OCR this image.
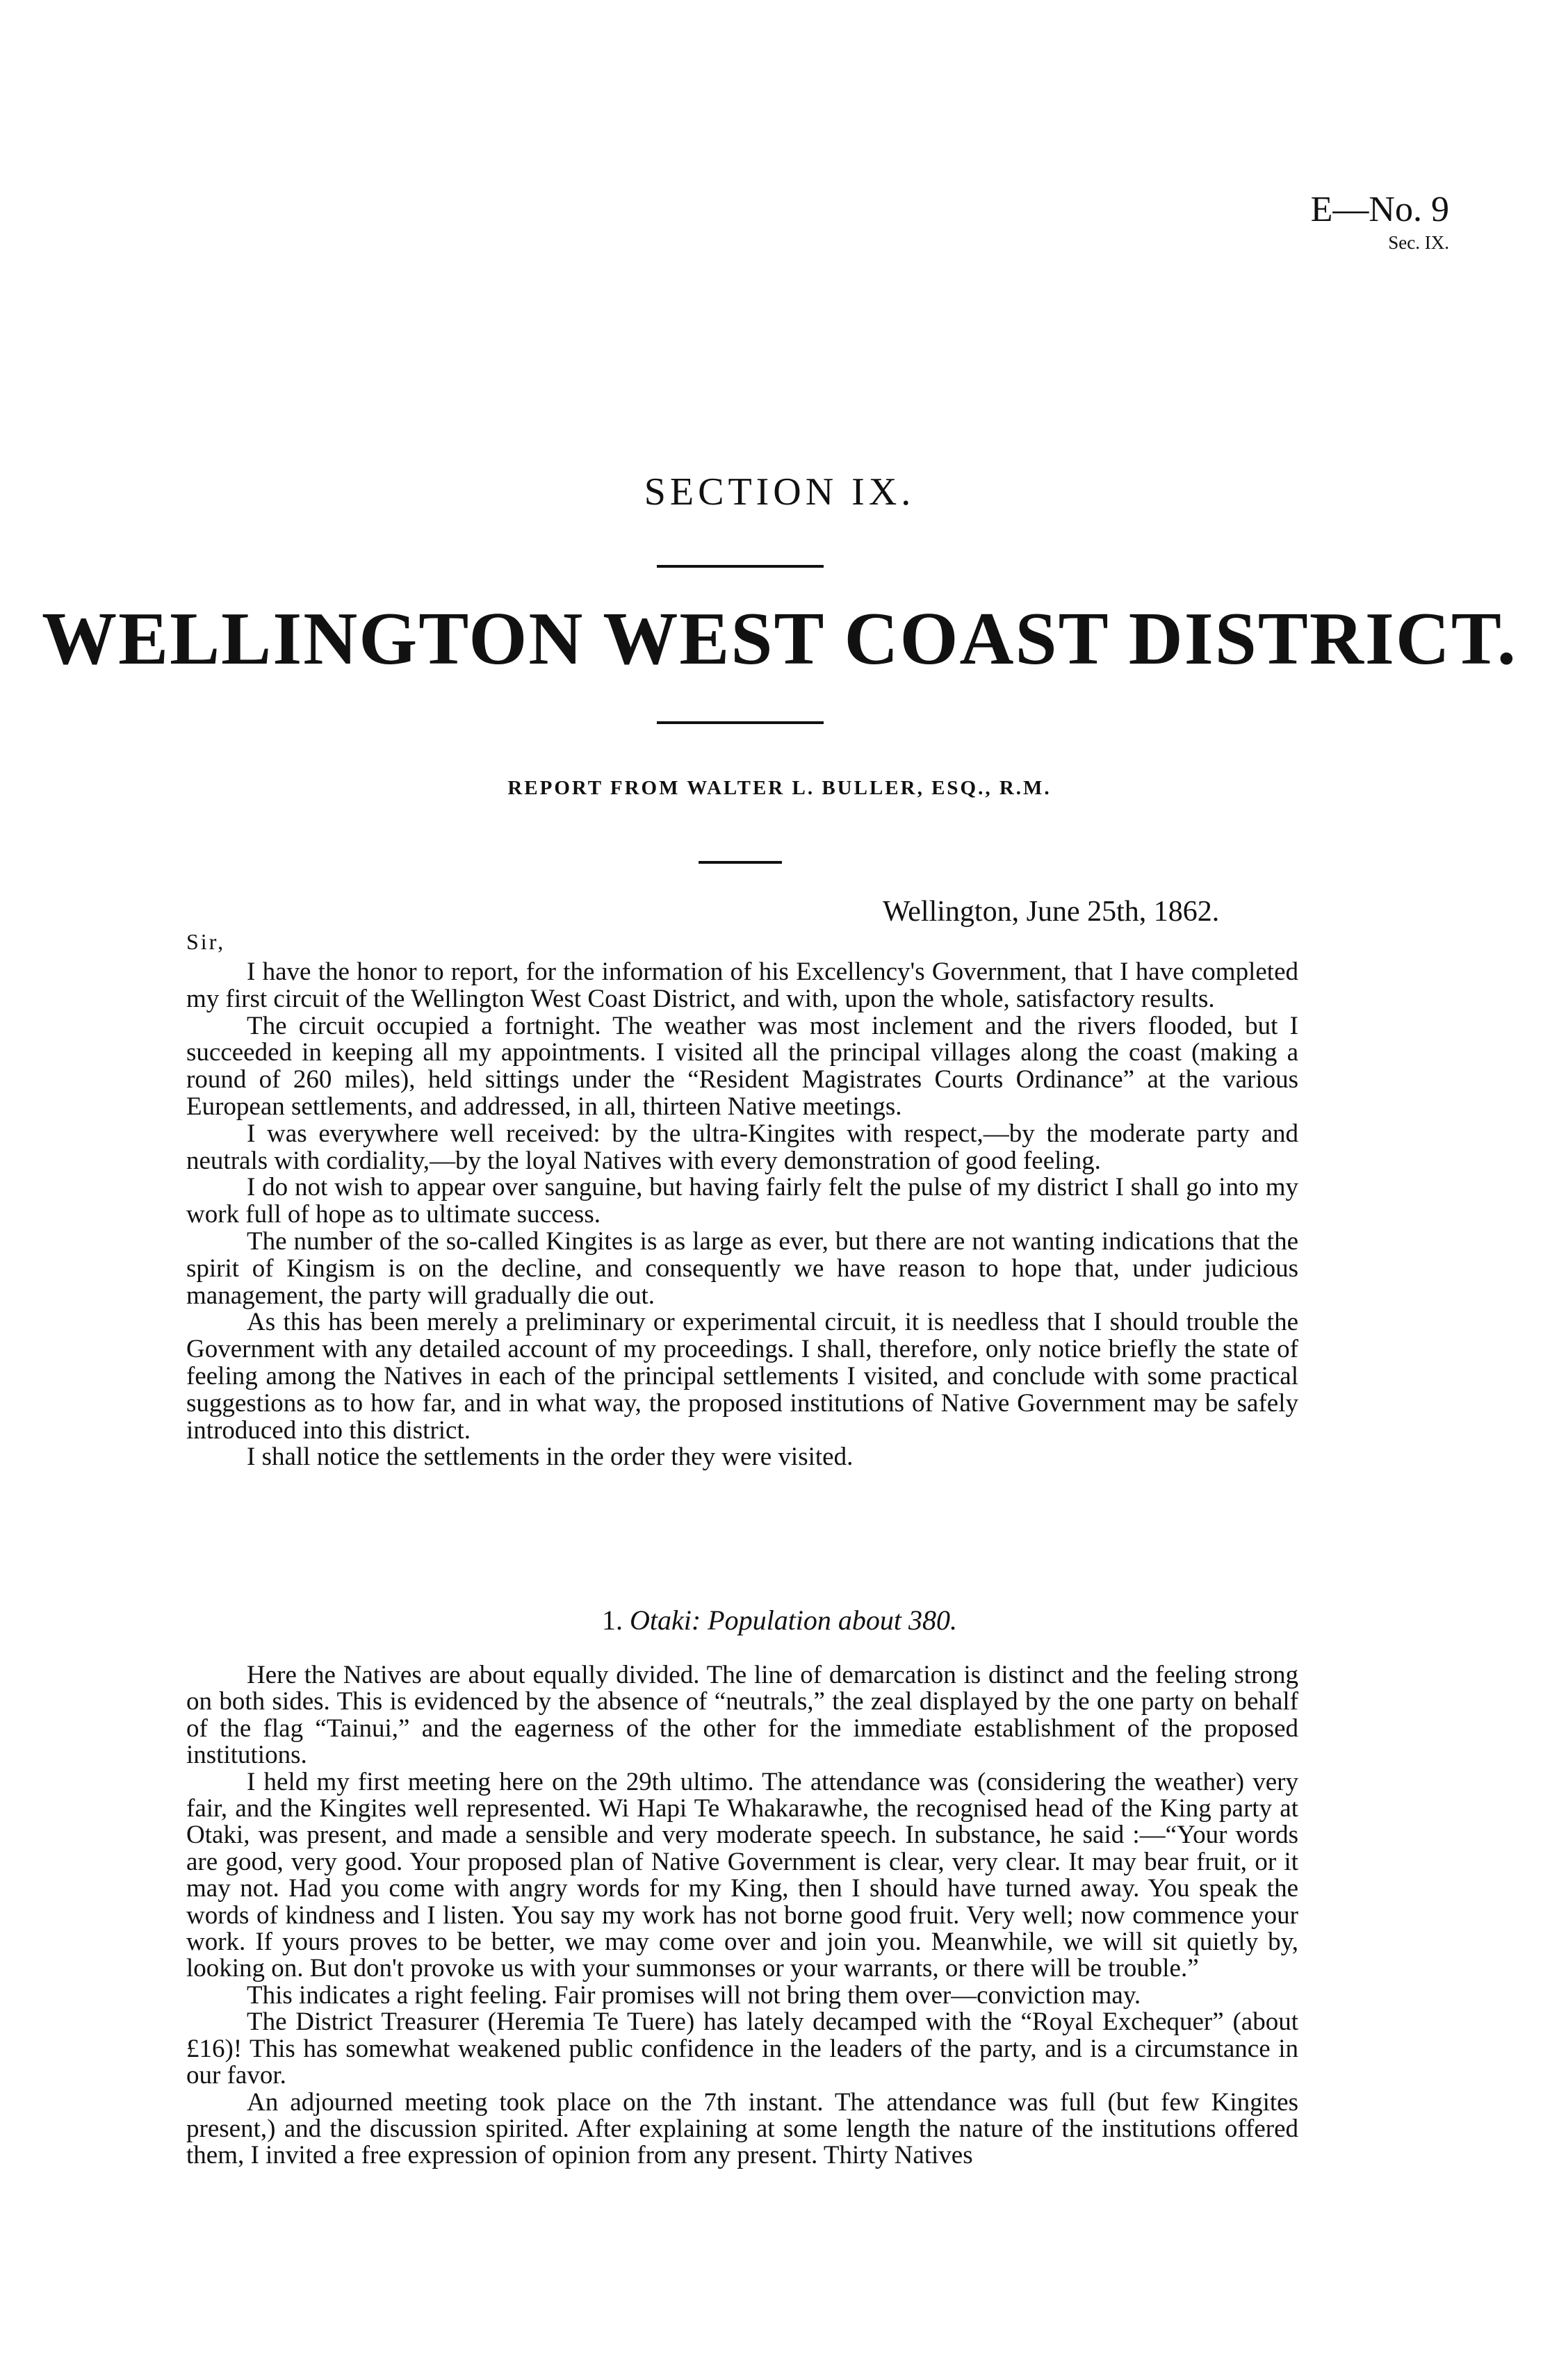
E—No. 9
Sec. IX.
SECTION IX.
WELLINGTON WEST COAST DISTRICT.
REPORT FROM WALTER L. BULLER, ESQ., R.M.
Wellington, June 25th, 1862.
Sir,

I have the honor to report, for the information of his Excellency's Government, that I have completed my first circuit of the Wellington West Coast District, and with, upon the whole, satisfactory results.

The circuit occupied a fortnight. The weather was most inclement and the rivers flooded, but I succeeded in keeping all my appointments. I visited all the principal villages along the coast (making a round of 260 miles), held sittings under the “Resident Magistrates Courts Ordinance” at the various European settlements, and addressed, in all, thirteen Native meetings.

I was everywhere well received: by the ultra-Kingites with respect,—by the moderate party and neutrals with cordiality,—by the loyal Natives with every demonstration of good feeling.

I do not wish to appear over sanguine, but having fairly felt the pulse of my district I shall go into my work full of hope as to ultimate success.

The number of the so-called Kingites is as large as ever, but there are not wanting indications that the spirit of Kingism is on the decline, and consequently we have reason to hope that, under judicious management, the party will gradually die out.

As this has been merely a preliminary or experimental circuit, it is needless that I should trouble the Government with any detailed account of my proceedings. I shall, therefore, only notice briefly the state of feeling among the Natives in each of the principal settlements I visited, and conclude with some practical suggestions as to how far, and in what way, the proposed institutions of Native Government may be safely introduced into this district.

I shall notice the settlements in the order they were visited.

1. Otaki: Population about 380.

Here the Natives are about equally divided. The line of demarcation is distinct and the feeling strong on both sides. This is evidenced by the absence of “neutrals,” the zeal displayed by the one party on behalf of the flag “Tainui,” and the eagerness of the other for the immediate establishment of the proposed institutions.

I held my first meeting here on the 29th ultimo. The attendance was (considering the weather) very fair, and the Kingites well represented. Wi Hapi Te Whakarawhe, the recognised head of the King party at Otaki, was present, and made a sensible and very moderate speech. In substance, he said :—“Your words are good, very good. Your proposed plan of Native Government is clear, very clear. It may bear fruit, or it may not. Had you come with angry words for my King, then I should have turned away. You speak the words of kindness and I listen. You say my work has not borne good fruit. Very well; now commence your work. If yours proves to be better, we may come over and join you. Meanwhile, we will sit quietly by, looking on. But don't provoke us with your summonses or your warrants, or there will be trouble.”

This indicates a right feeling. Fair promises will not bring them over—conviction may.

The District Treasurer (Heremia Te Tuere) has lately decamped with the “Royal Exchequer” (about £16)! This has somewhat weakened public confidence in the leaders of the party, and is a circumstance in our favor.

An adjourned meeting took place on the 7th instant. The attendance was full (but few Kingites present,) and the discussion spirited. After explaining at some length the nature of the institutions offered them, I invited a free expression of opinion from any present. Thirty Natives
